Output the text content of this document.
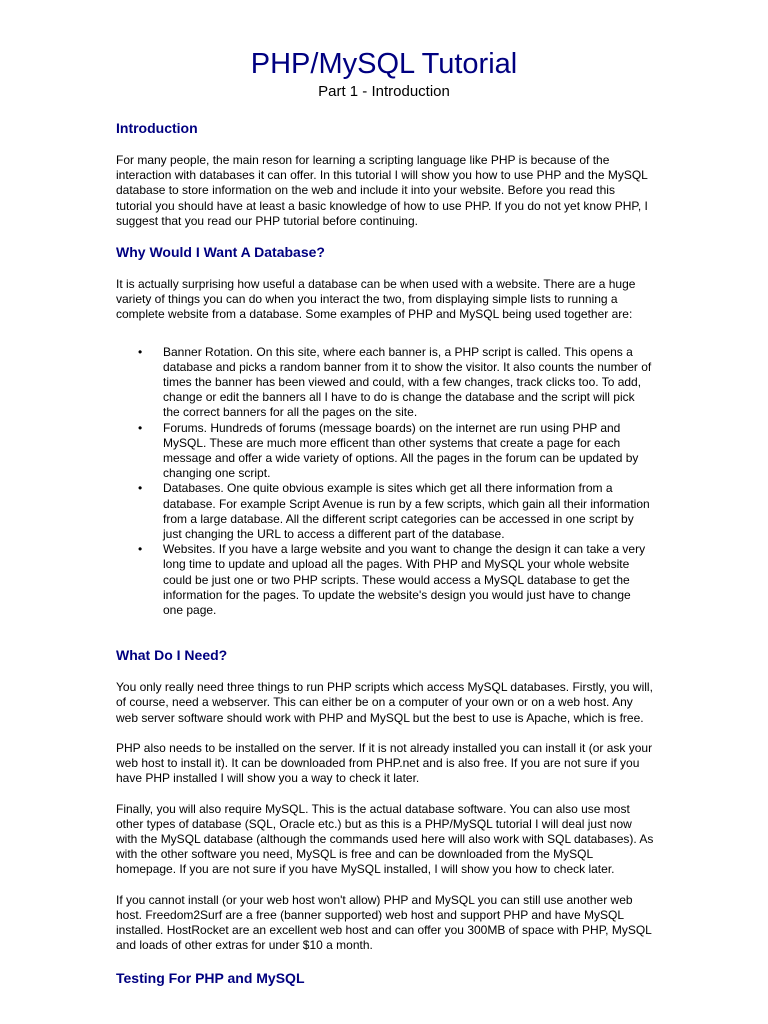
PHP/MySQL Tutorial
Part 1 - Introduction
Introduction

For many people, the main reson for learning a scripting language like PHP is because of the interaction with databases it can offer. In this tutorial I will show you how to use PHP and the MySQL database to store information on the web and include it into your website. Before you read this tutorial you should have at least a basic knowledge of how to use PHP. If you do not yet know PHP, I suggest that you read our PHP tutorial before continuing.

Why Would I Want A Database?

It is actually surprising how useful a database can be when used with a website. There are a huge variety of things you can do when you interact the two, from displaying simple lists to running a complete website from a database. Some examples of PHP and MySQL being used together are:

• Banner Rotation. On this site, where each banner is, a PHP script is called. This opens a database and picks a random banner from it to show the visitor. It also counts the number of times the banner has been viewed and could, with a few changes, track clicks too. To add, change or edit the banners all I have to do is change the database and the script will pick the correct banners for all the pages on the site.
• Forums. Hundreds of forums (message boards) on the internet are run using PHP and MySQL. These are much more efficent than other systems that create a page for each message and offer a wide variety of options. All the pages in the forum can be updated by changing one script.
• Databases. One quite obvious example is sites which get all there information from a database. For example Script Avenue is run by a few scripts, which gain all their information from a large database. All the different script categories can be accessed in one script by just changing the URL to access a different part of the database.
• Websites. If you have a large website and you want to change the design it can take a very long time to update and upload all the pages. With PHP and MySQL your whole website could be just one or two PHP scripts. These would access a MySQL database to get the information for the pages. To update the website's design you would just have to change one page.
What Do I Need?

You only really need three things to run PHP scripts which access MySQL databases. Firstly, you will, of course, need a webserver. This can either be on a computer of your own or on a web host. Any web server software should work with PHP and MySQL but the best to use is Apache, which is free.

PHP also needs to be installed on the server. If it is not already installed you can install it (or ask your web host to install it). It can be downloaded from PHP.net and is also free. If you are not sure if you have PHP installed I will show you a way to check it later.

Finally, you will also require MySQL. This is the actual database software. You can also use most other types of database (SQL, Oracle etc.) but as this is a PHP/MySQL tutorial I will deal just now with the MySQL database (although the commands used here will also work with SQL databases). As with the other software you need, MySQL is free and can be downloaded from the MySQL homepage. If you are not sure if you have MySQL installed, I will show you how to check later.

If you cannot install (or your web host won't allow) PHP and MySQL you can still use another web host. Freedom2Surf are a free (banner supported) web host and support PHP and have MySQL installed. HostRocket are an excellent web host and can offer you 300MB of space with PHP, MySQL and loads of other extras for under $10 a month.

Testing For PHP and MySQL
